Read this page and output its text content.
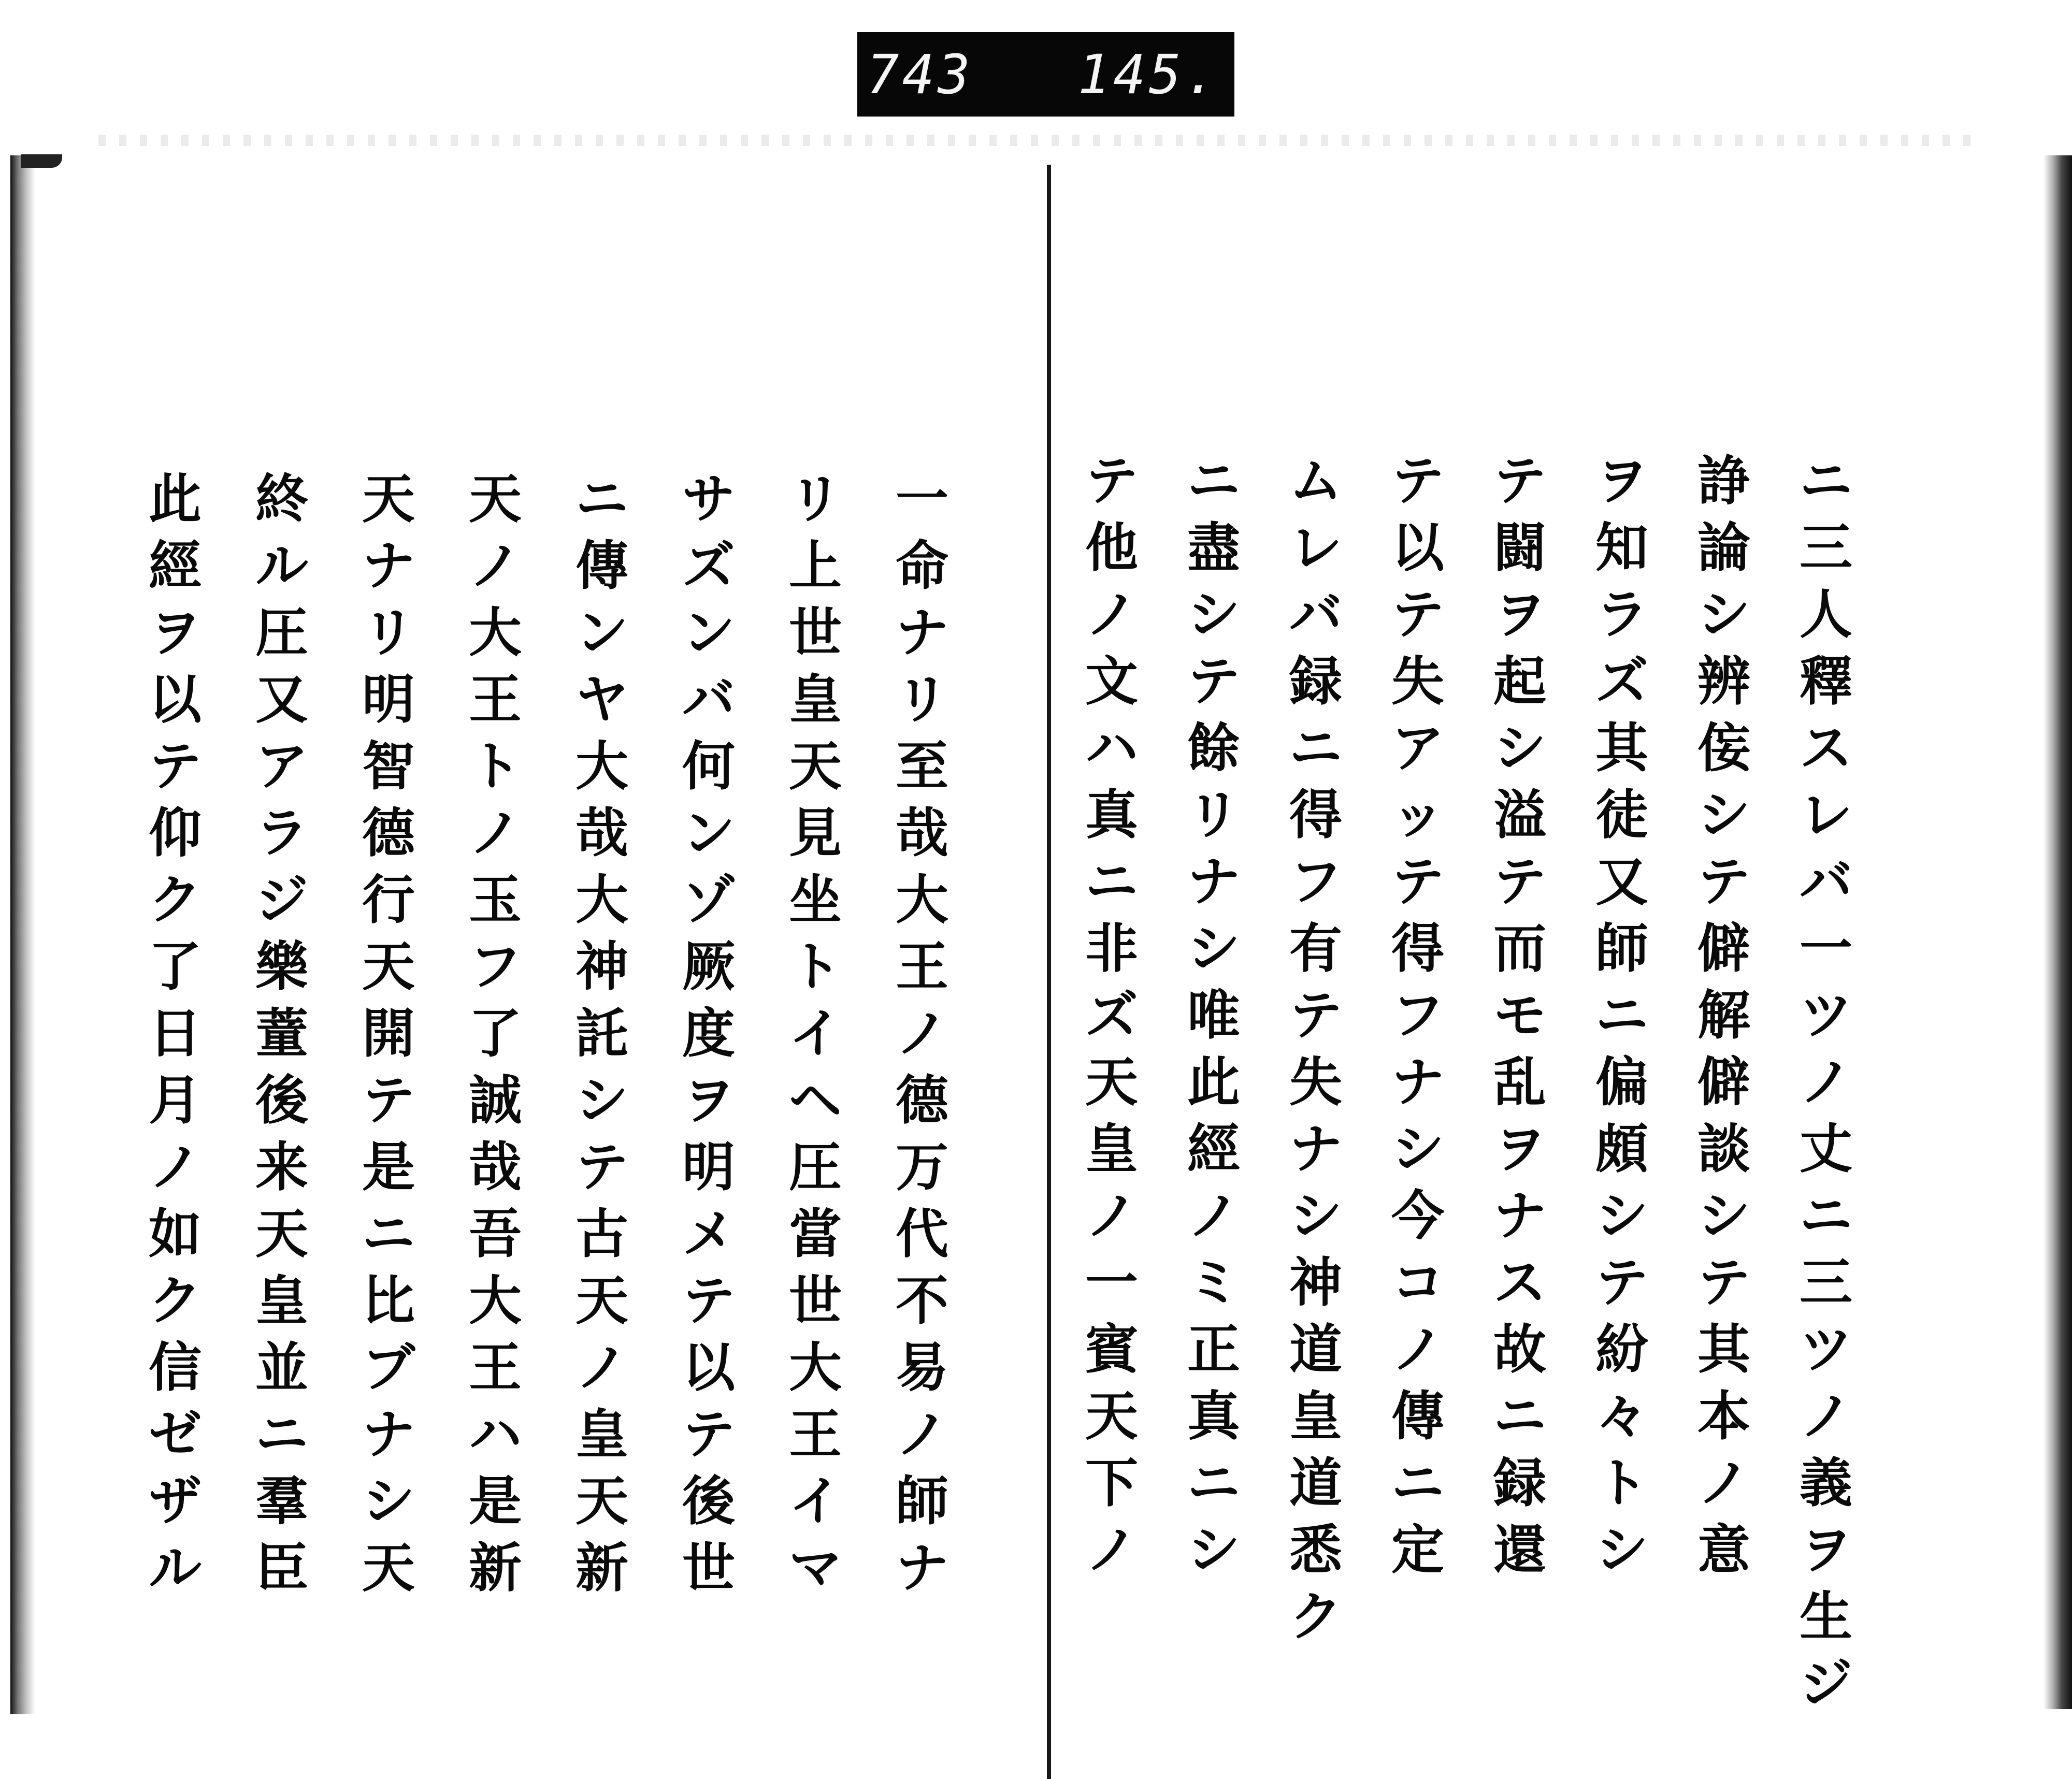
743 145.
ニ
三
人
釋
ス
レ
バ
一
ツ
ノ
丈
ニ
三
ツ
ノ
義
ヲ
生
ジ
諍
論
シ
辨
侫
シ
テ
僻
解
僻
談
シ
テ
其
本
ノ
意
ヲ
知
ラ
ズ
其
徒
又
師
ニ
偏
頗
シ
テ
紛
々
ト
シ
テ
闘
ヲ
起
シ
溢
テ
而
モ
乱
ヲ
ナ
ス
故
ニ
録
還
テ
以
テ
失
ア
ッ
テ
得
フ
ナ
シ
今
コ
ノ
傳
ニ
定
ム
レ
バ
録
ニ
得
フ
有
テ
失
ナ
シ
神
道
皇
道
悉
ク
ニ
盡
シ
テ
餘
リ
ナ
シ
唯
此
經
ノ
ミ
正
真
ニ
シ
テ
他
ノ
文
ハ
真
ニ
非
ズ
天
皇
ノ
一
賓
天
下
ノ
一
命
ナ
リ
至
哉
大
王
ノ
德
万
代
不
易
ノ
師
ナ
リ
上
世
皇
天
見
坐
ト
イ
ヘ
圧
當
世
大
王
イ
マ
サ
ズ
ン
バ
何
ン
ゾ
厥
度
ヲ
明
メ
テ
以
テ
後
世
ニ
傳
ン
ヤ
大
哉
大
神
託
シ
テ
古
天
ノ
皇
天
新
天
ノ
大
王
ト
ノ
玉
フ
了
誠
哉
吾
大
王
ハ
是
新
天
ナ
リ
明
智
德
行
天
開
テ
是
ニ
比
ブ
ナ
シ
天
終
ル
圧
又
ア
ラ
ジ
樂
蕫
後
来
天
皇
並
ニ
羣
臣
此
經
ヲ
以
テ
仰
ク
了
日
月
ノ
如
ク
信
ゼ
ザ
ル
